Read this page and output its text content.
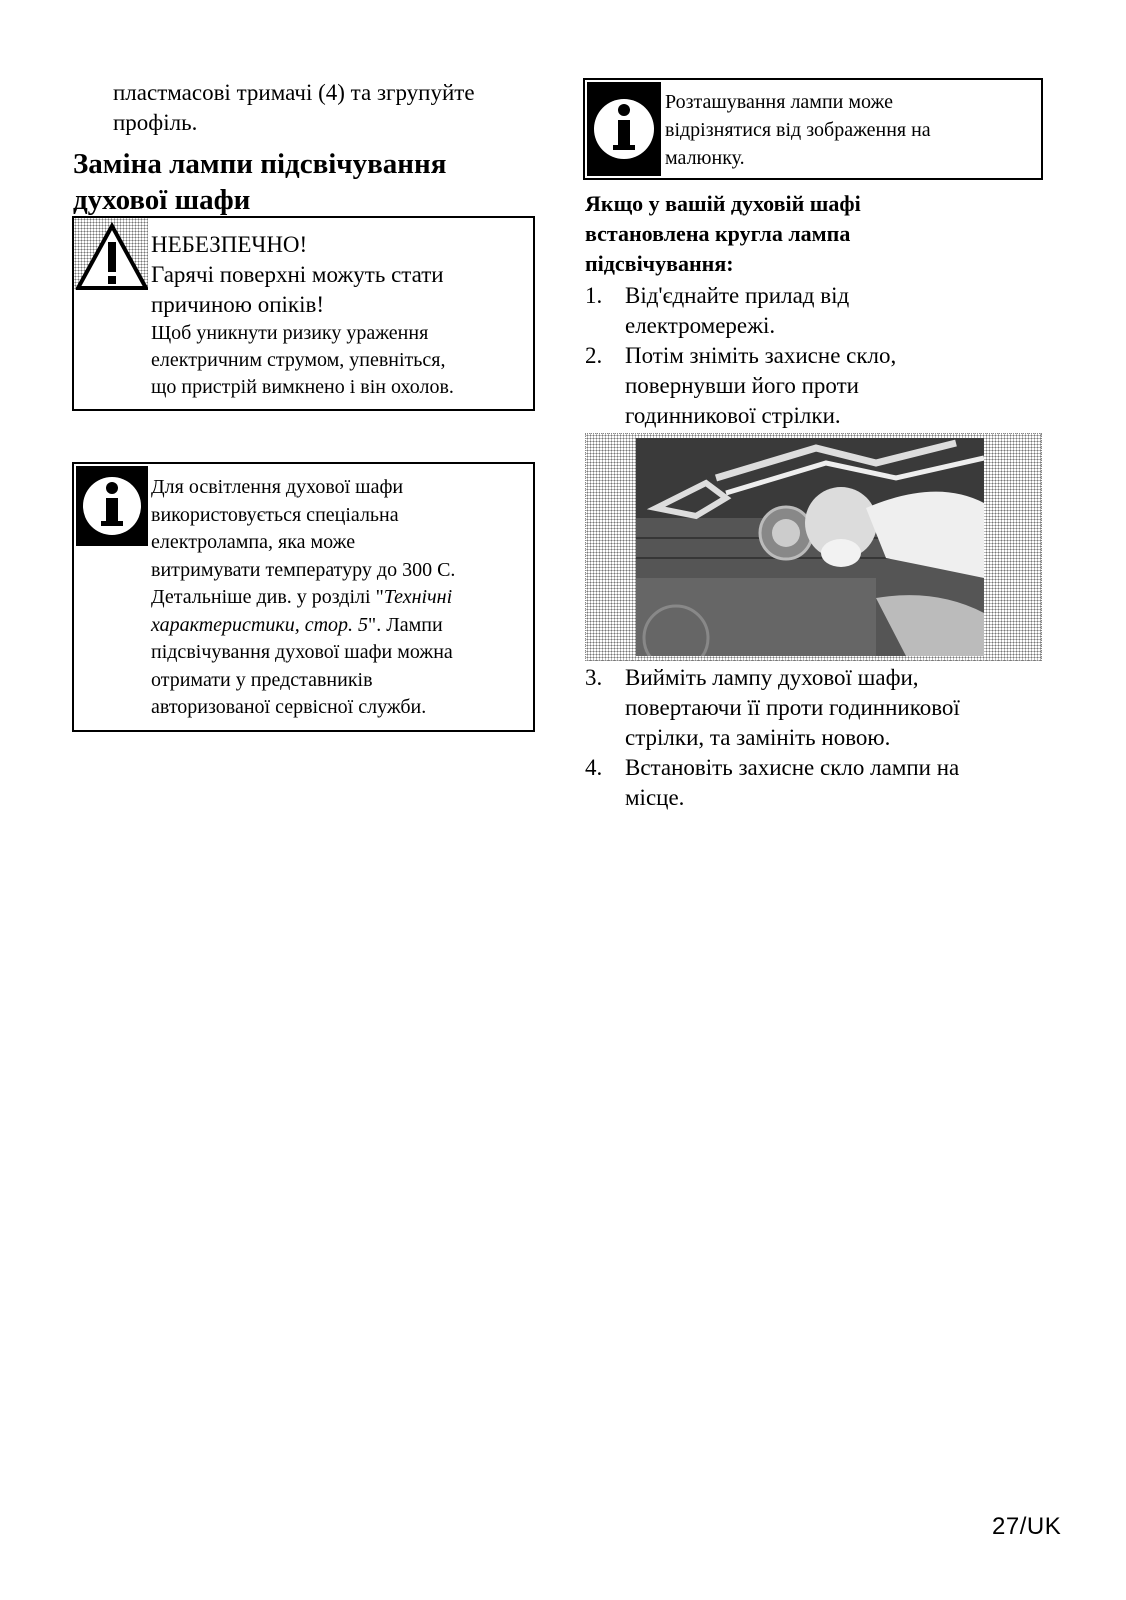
пластмасові тримачі (4) та згрупуйте
профіль.
Заміна лампи підсвічування
духової шафи
НЕБЕЗПЕЧНО!
Гарячі поверхні можуть стати
причиною опіків!
Щоб уникнути ризику ураження
електричним струмом, упевніться,
що пристрій вимкнено і він охолов.
Для освітлення духової шафи
використовується спеціальна
електролампа, яка може
витримувати температуру до 300 С.
Детальніше див. у розділі "Технічні
характеристики, стор. 5". Лампи
підсвічування духової шафи можна
отримати у представників
авторизованої сервісної служби.
Розташування лампи може
відрізнятися від зображення на
малюнку.
Якщо у вашій духовій шафі
встановлена кругла лампа
підсвічування:
1. Від'єднайте прилад від
електромережі.
2. Потім зніміть захисне скло,
повернувши його проти
годинникової стрілки.
3. Вийміть лампу духової шафи,
повертаючи її проти годинникової
стрілки, та замініть новою.
4. Встановіть захисне скло лампи на
місце.
27/UK
